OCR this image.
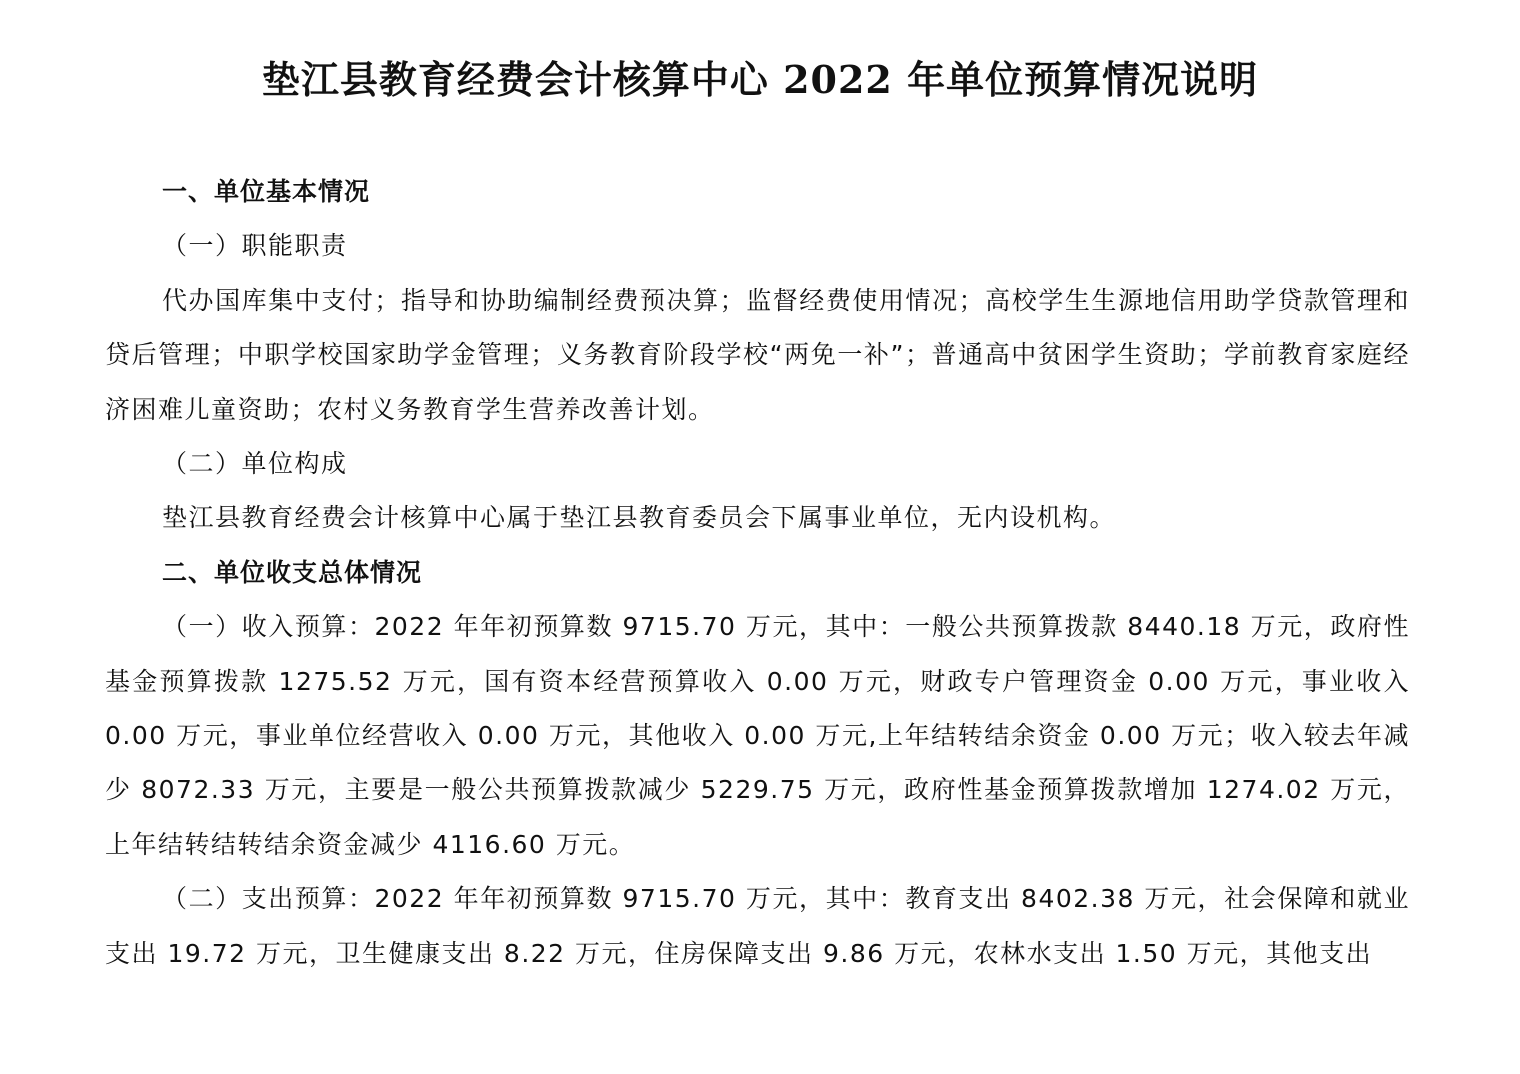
垫江县教育经费会计核算中心 2022 年单位预算情况说明

一、单位基本情况

（一）职能职责

代办国库集中支付；指导和协助编制经费预决算；监督经费使用情况；高校学生生源地信用助学贷款管理和贷后管理；中职学校国家助学金管理；义务教育阶段学校“两免一补”；普通高中贫困学生资助；学前教育家庭经济困难儿童资助；农村义务教育学生营养改善计划。

（二）单位构成

垫江县教育经费会计核算中心属于垫江县教育委员会下属事业单位，无内设机构。

二、单位收支总体情况

（一）收入预算：2022 年年初预算数 9715.70 万元，其中：一般公共预算拨款 8440.18 万元，政府性基金预算拨款 1275.52 万元，国有资本经营预算收入 0.00 万元，财政专户管理资金 0.00 万元，事业收入 0.00 万元，事业单位经营收入 0.00 万元，其他收入 0.00 万元,上年结转结余资金 0.00 万元；收入较去年减少 8072.33 万元，主要是一般公共预算拨款减少 5229.75 万元，政府性基金预算拨款增加 1274.02 万元，上年结转结转结余资金减少 4116.60 万元。

（二）支出预算：2022 年年初预算数 9715.70 万元，其中：教育支出 8402.38 万元，社会保障和就业支出 19.72 万元，卫生健康支出 8.22 万元，住房保障支出 9.86 万元，农林水支出 1.50 万元，其他支出
